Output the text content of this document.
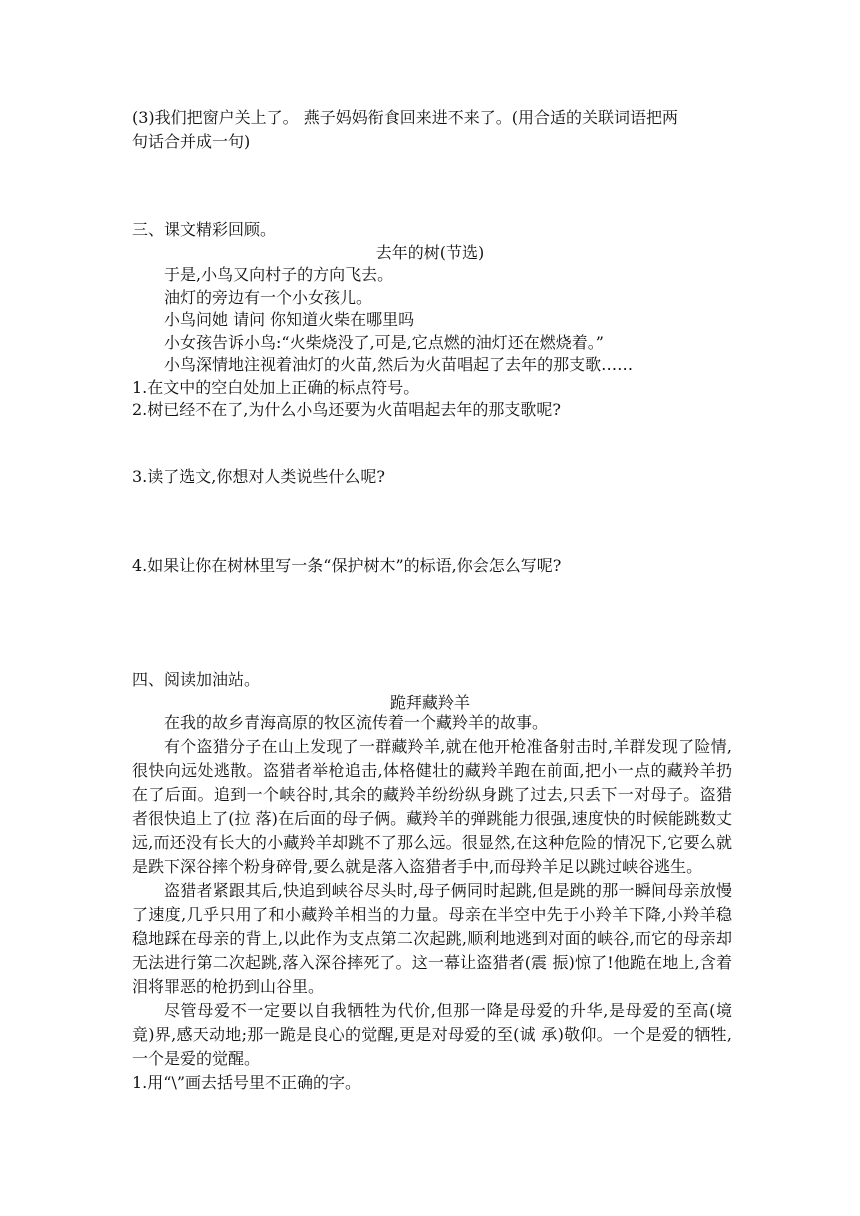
(3)我们把窗户关上了。 燕子妈妈衔食回来进不来了。(用合适的关联词语把两
句话合并成一句)
三、课文精彩回顾。
去年的树(节选)
于是,小鸟又向村子的方向飞去。
油灯的旁边有一个小女孩儿。
小鸟问她 请问 你知道火柴在哪里吗
小女孩告诉小鸟:“火柴烧没了,可是,它点燃的油灯还在燃烧着。”
小鸟深情地注视着油灯的火苗,然后为火苗唱起了去年的那支歌……
1.在文中的空白处加上正确的标点符号。
2.树已经不在了,为什么小鸟还要为火苗唱起去年的那支歌呢?
3.读了选文,你想对人类说些什么呢?
4.如果让你在树林里写一条“保护树木”的标语,你会怎么写呢?
四、阅读加油站。
跪拜藏羚羊

在我的故乡青海高原的牧区流传着一个藏羚羊的故事。

有个盗猎分子在山上发现了一群藏羚羊,就在他开枪准备射击时,羊群发现了险情,很快向远处逃散。盗猎者举枪追击,体格健壮的藏羚羊跑在前面,把小一点的藏羚羊扔在了后面。追到一个峡谷时,其余的藏羚羊纷纷纵身跳了过去,只丢下一对母子。盗猎者很快追上了(拉 落)在后面的母子俩。藏羚羊的弹跳能力很强,速度快的时候能跳数丈远,而还没有长大的小藏羚羊却跳不了那么远。很显然,在这种危险的情况下,它要么就是跌下深谷摔个粉身碎骨,要么就是落入盗猎者手中,而母羚羊足以跳过峡谷逃生。

盗猎者紧跟其后,快追到峡谷尽头时,母子俩同时起跳,但是跳的那一瞬间母亲放慢了速度,几乎只用了和小藏羚羊相当的力量。母亲在半空中先于小羚羊下降,小羚羊稳稳地踩在母亲的背上,以此作为支点第二次起跳,顺利地逃到对面的峡谷,而它的母亲却无法进行第二次起跳,落入深谷摔死了。这一幕让盗猎者(震 振)惊了!他跪在地上,含着泪将罪恶的枪扔到山谷里。

尽管母爱不一定要以自我牺牲为代价,但那一降是母爱的升华,是母爱的至高(境 竟)界,感天动地;那一跪是良心的觉醒,更是对母爱的至(诚 承)敬仰。一个是爱的牺牲,一个是爱的觉醒。

1.用“\”画去括号里不正确的字。
